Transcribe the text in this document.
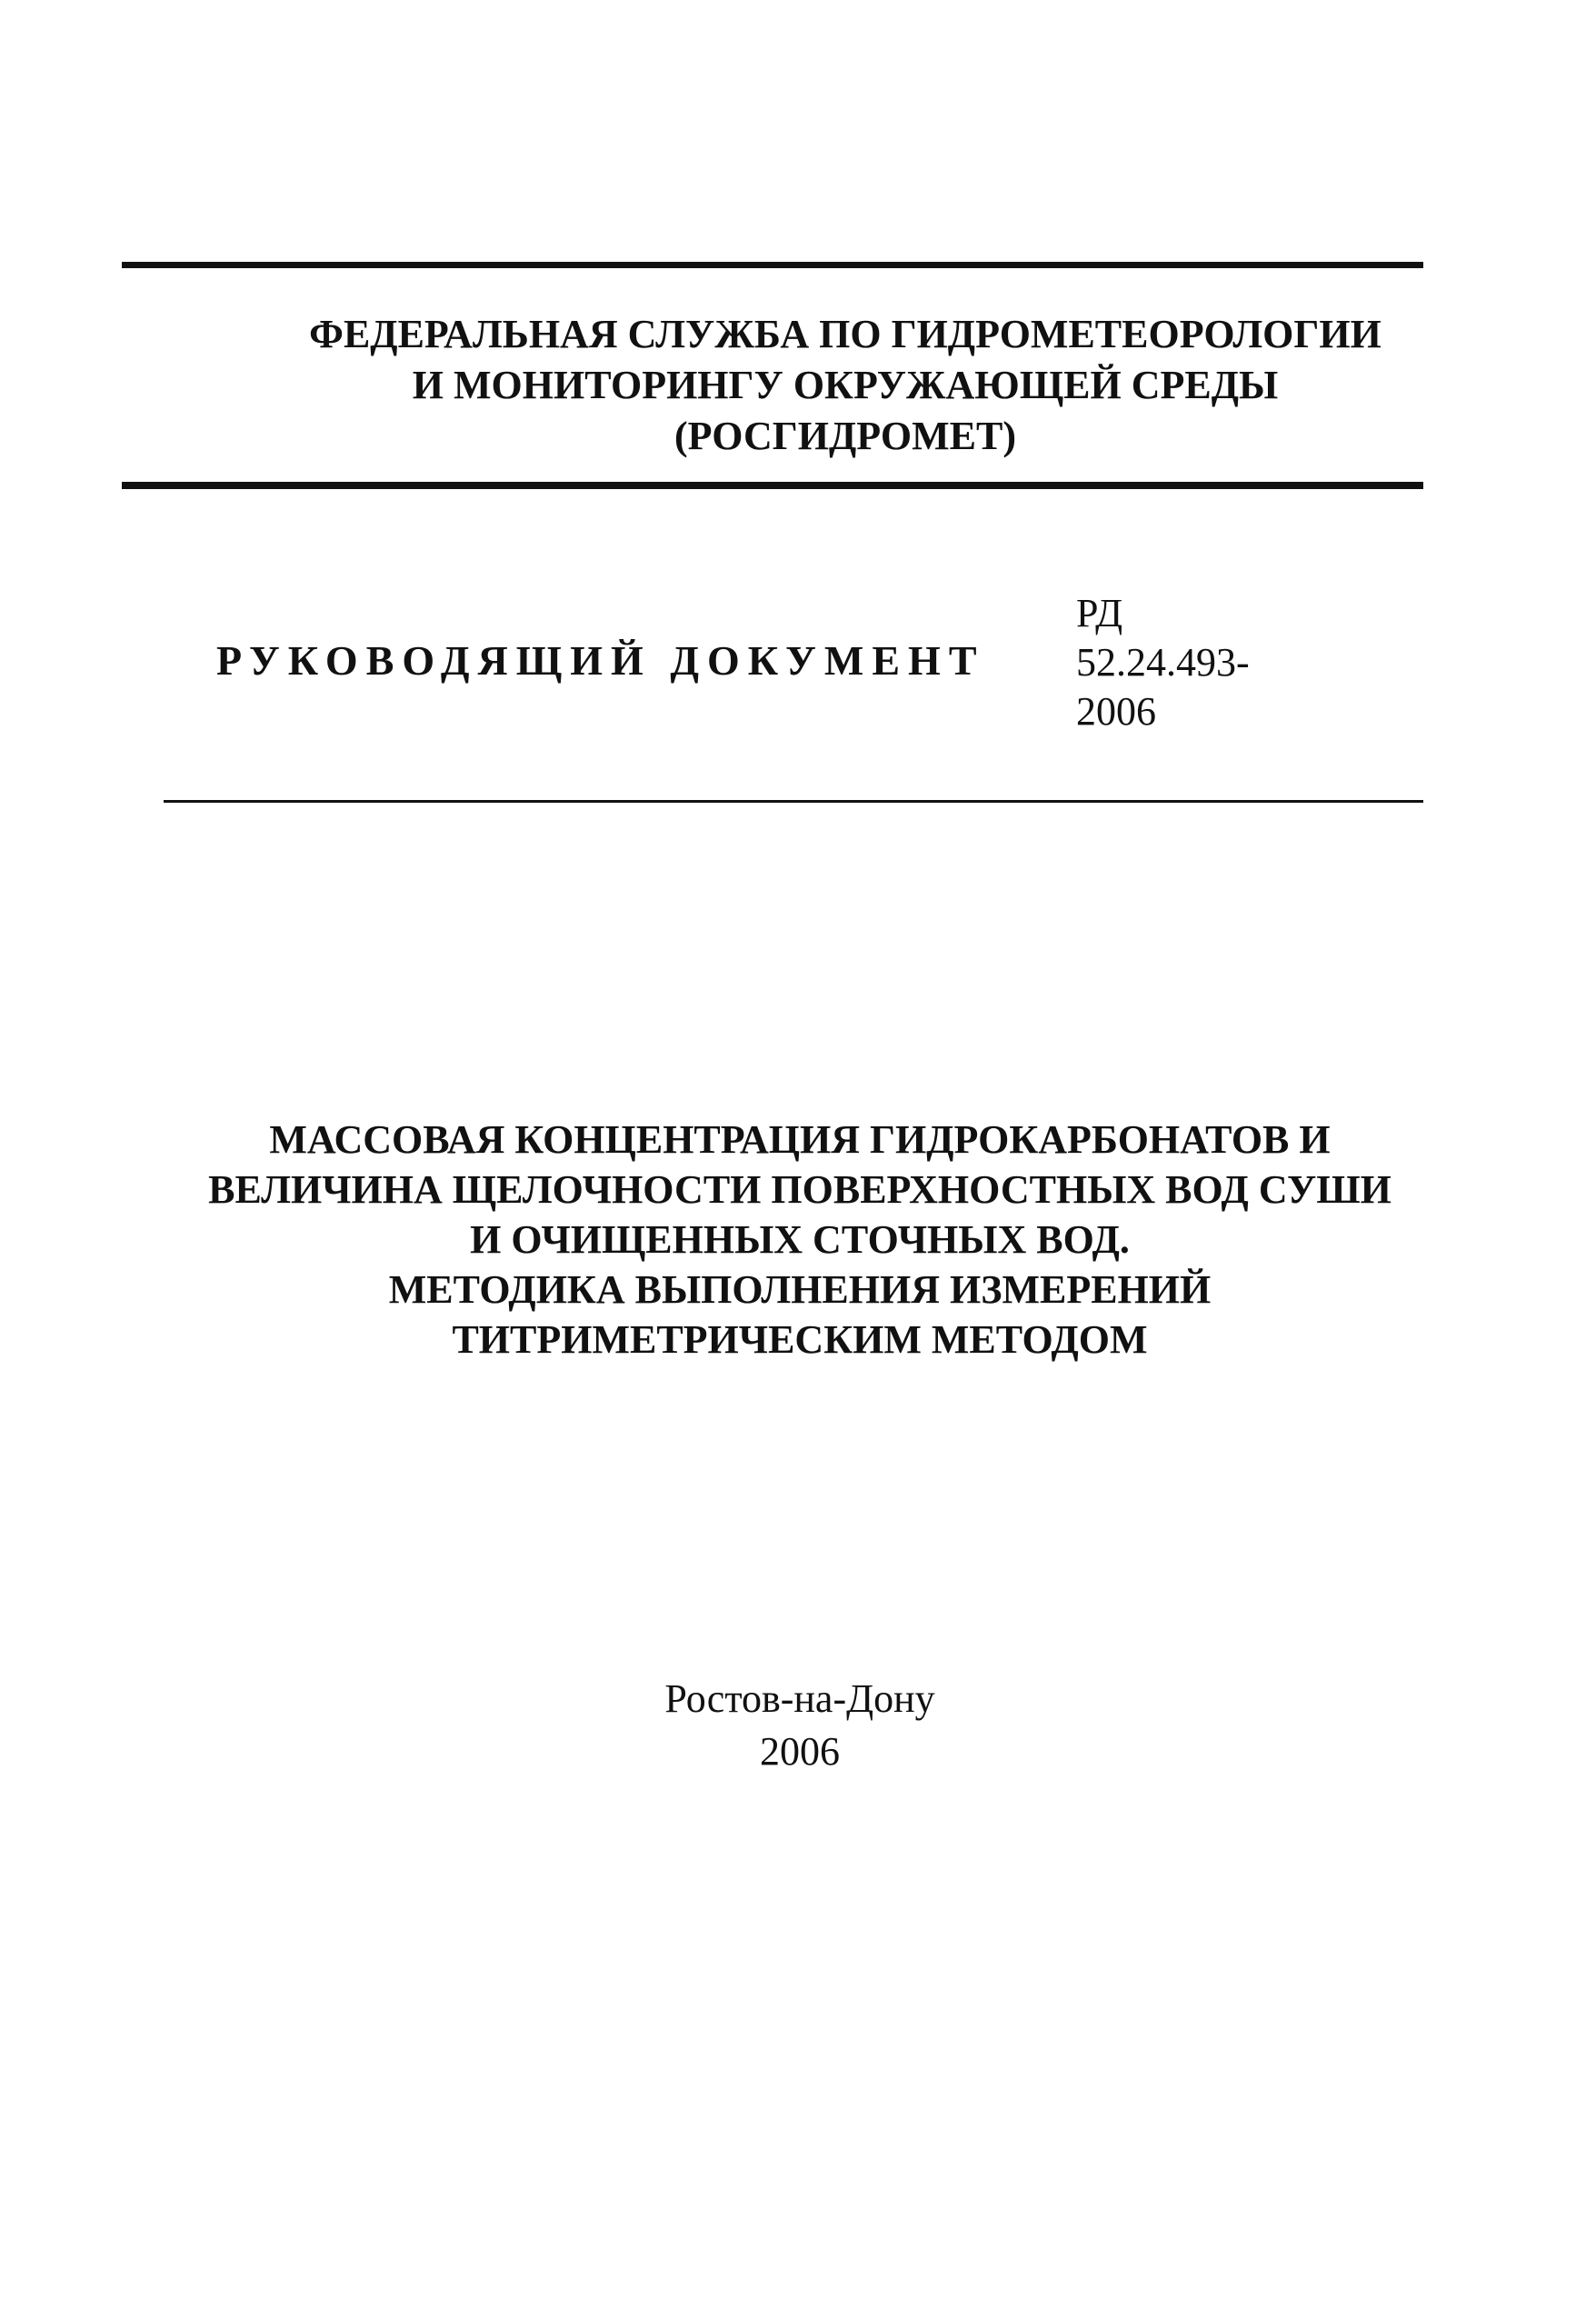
ФЕДЕРАЛЬНАЯ СЛУЖБА ПО ГИДРОМЕТЕОРОЛОГИИ
И МОНИТОРИНГУ ОКРУЖАЮЩЕЙ СРЕДЫ
(РОСГИДРОМЕТ)
РУКОВОДЯЩИЙ ДОКУМЕНТ
РД
52.24.493-
2006
МАССОВАЯ КОНЦЕНТРАЦИЯ ГИДРОКАРБОНАТОВ И
ВЕЛИЧИНА ЩЕЛОЧНОСТИ ПОВЕРХНОСТНЫХ ВОД СУШИ
И ОЧИЩЕННЫХ СТОЧНЫХ ВОД.
МЕТОДИКА ВЫПОЛНЕНИЯ ИЗМЕРЕНИЙ
ТИТРИМЕТРИЧЕСКИМ МЕТОДОМ
Ростов-на-Дону
2006
